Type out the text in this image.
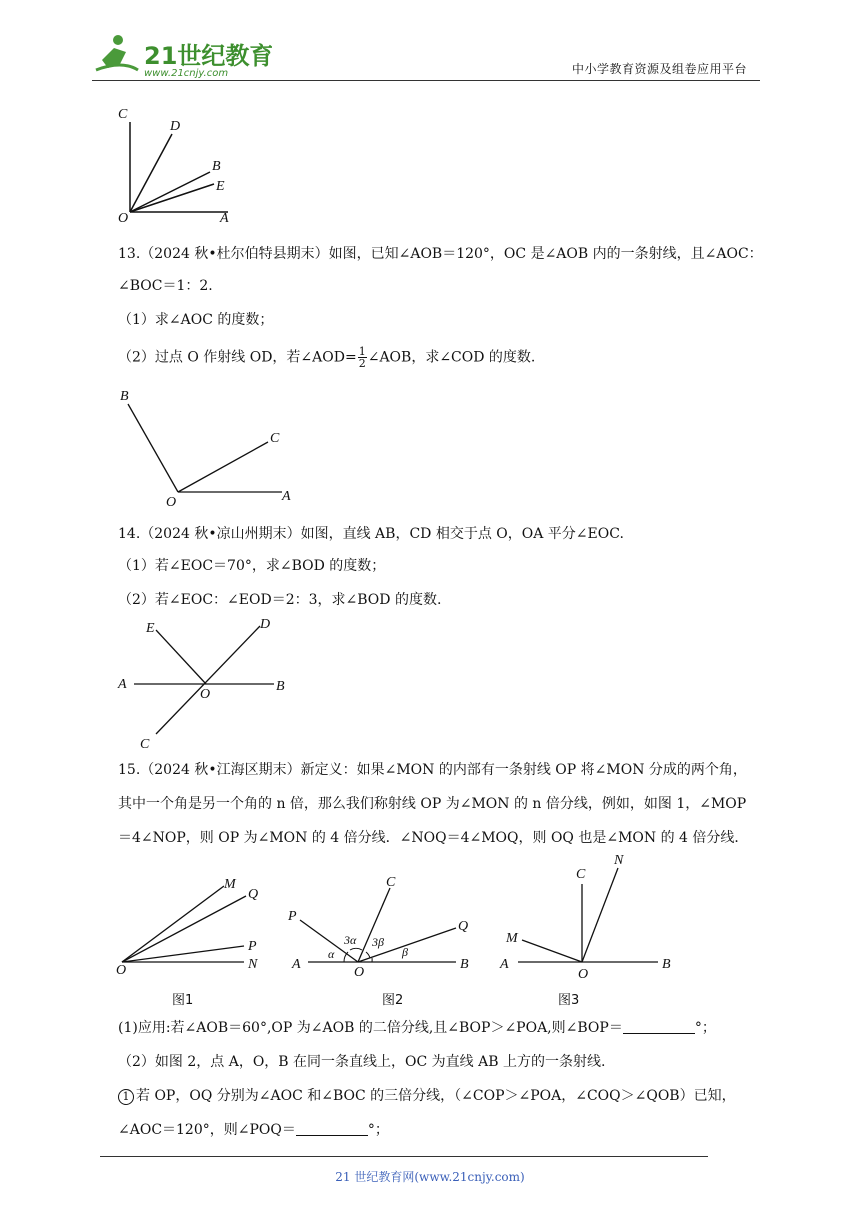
21世纪教育
www.21cnjy.com	中小学教育资源及组卷应用平台
C
D
B
E
O	A
13.（2024 秋•杜尔伯特县期末）如图，已知∠AOB＝120°，OC 是∠AOB 内的一条射线，且∠AOC：
∠BOC＝1：2.
（1）求∠AOC 的度数；
（2）过点 O 作射线 OD，若∠AOD= $\frac{1}{2}$ ∠AOB，求∠COD 的度数.
B
C
O	A
14.（2024 秋•凉山州期末）如图，直线 AB，CD 相交于点 O，OA 平分∠EOC.
（1）若∠EOC＝70°，求∠BOD 的度数；
（2）若∠EOC：∠EOD＝2：3，求∠BOD 的度数.
E	D
A
O
B
C
15.（2024 秋•江海区期末）新定义：如果∠MON 的内部有一条射线 OP 将∠MON 分成的两个角，
其中一个角是另一个角的 n 倍，那么我们称射线 OP 为∠MON 的 n 倍分线，例如，如图 1，∠MOP
＝4∠NOP，则 OP 为∠MON 的 4 倍分线．∠NOQ＝4∠MOQ，则 OQ 也是∠MON 的 4 倍分线．
M
Q
P
O	N
图1
C
P
Q
3α 3β
A
α
O
β
B
图2
N
C
M
A
O
B
图3
(1)应用:若∠AOB＝60°,OP 为∠AOB 的二倍分线,且∠BOP＞∠POA,则∠BOP＝	°；
（2）如图 2，点 A，O，B 在同一条直线上，OC 为直线 AB 上方的一条射线.
1 若 OP，OQ 分别为∠AOC 和∠BOC 的三倍分线，（∠COP＞∠POA，∠COQ＞∠QOB）已知，
∠AOC＝120°，则∠POQ＝	°；
21 世纪教育网(www.21cnjy.com)
